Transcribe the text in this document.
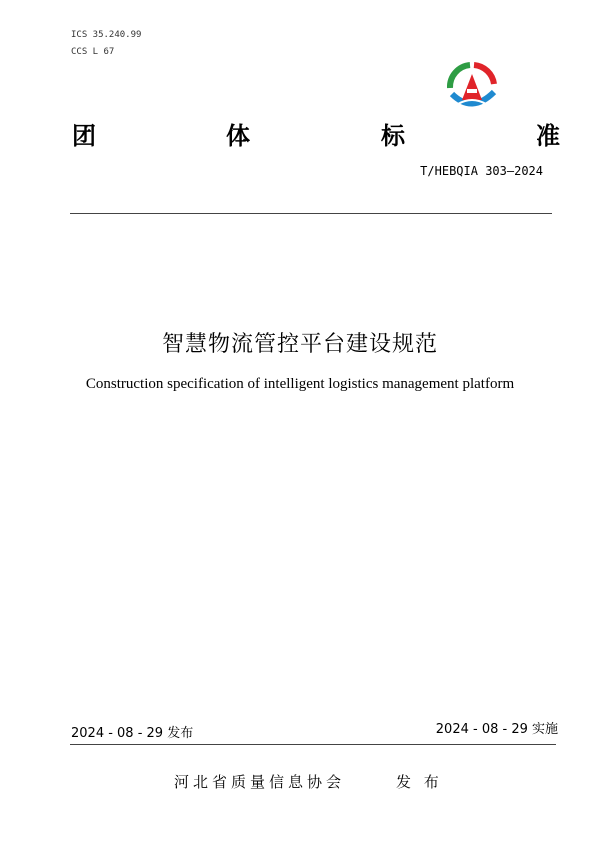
ICS 35.240.99
CCS L 67
团	体	标	准
T/HEBQIA 303—2024
智慧物流管控平台建设规范
Construction specification of intelligent logistics management platform
2024 - 08 - 29 发布	2024 - 08 - 29 实施
河北省质量信息协会	发 布
